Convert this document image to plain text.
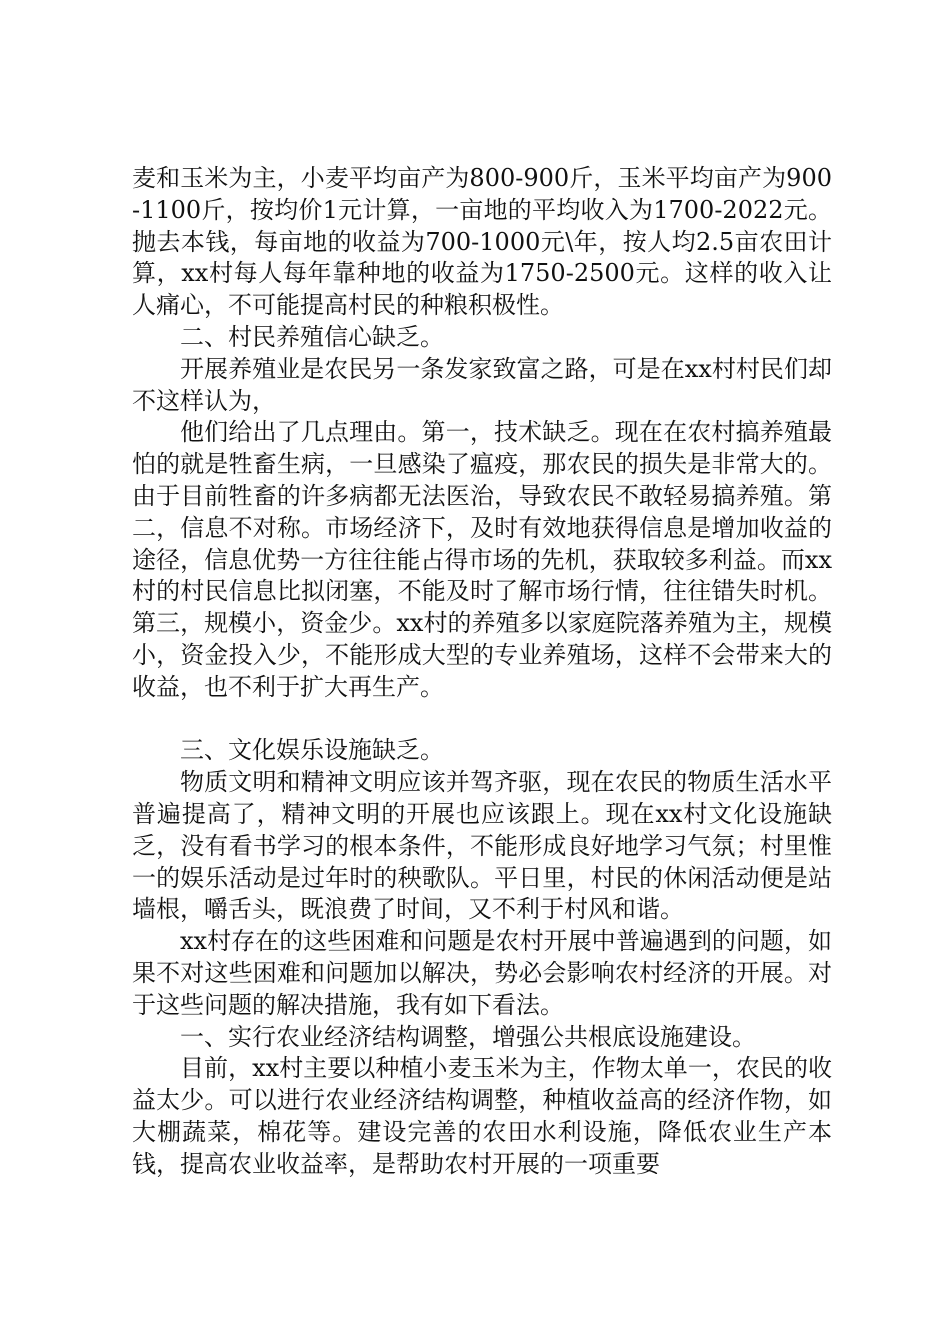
麦和玉米为主，小麦平均亩产为800-900斤，玉米平均亩产为900-1100斤，按均价1元计算，一亩地的平均收入为1700-2022元。抛去本钱，每亩地的收益为700-1000元\年，按人均2.5亩农田计算，xx村每人每年靠种地的收益为1750-2500元。这样的收入让人痛心，不可能提高村民的种粮积极性。

二、村民养殖信心缺乏。

开展养殖业是农民另一条发家致富之路，可是在xx村村民们却不这样认为，

他们给出了几点理由。第一，技术缺乏。现在在农村搞养殖最怕的就是牲畜生病，一旦感染了瘟疫，那农民的损失是非常大的。由于目前牲畜的许多病都无法医治，导致农民不敢轻易搞养殖。第二，信息不对称。市场经济下，及时有效地获得信息是增加收益的途径，信息优势一方往往能占得市场的先机，获取较多利益。而xx村的村民信息比拟闭塞，不能及时了解市场行情，往往错失时机。第三，规模小，资金少。xx村的养殖多以家庭院落养殖为主，规模小，资金投入少，不能形成大型的专业养殖场，这样不会带来大的收益，也不利于扩大再生产。

三、文化娱乐设施缺乏。

物质文明和精神文明应该并驾齐驱，现在农民的物质生活水平普遍提高了，精神文明的开展也应该跟上。现在xx村文化设施缺乏，没有看书学习的根本条件，不能形成良好地学习气氛；村里惟一的娱乐活动是过年时的秧歌队。平日里，村民的休闲活动便是站墙根，嚼舌头，既浪费了时间，又不利于村风和谐。

xx村存在的这些困难和问题是农村开展中普遍遇到的问题，如果不对这些困难和问题加以解决，势必会影响农村经济的开展。对于这些问题的解决措施，我有如下看法。

一、实行农业经济结构调整，增强公共根底设施建设。

目前，xx村主要以种植小麦玉米为主，作物太单一，农民的收益太少。可以进行农业经济结构调整，种植收益高的经济作物，如大棚蔬菜，棉花等。建设完善的农田水利设施，降低农业生产本钱，提高农业收益率，是帮助农村开展的一项重要
